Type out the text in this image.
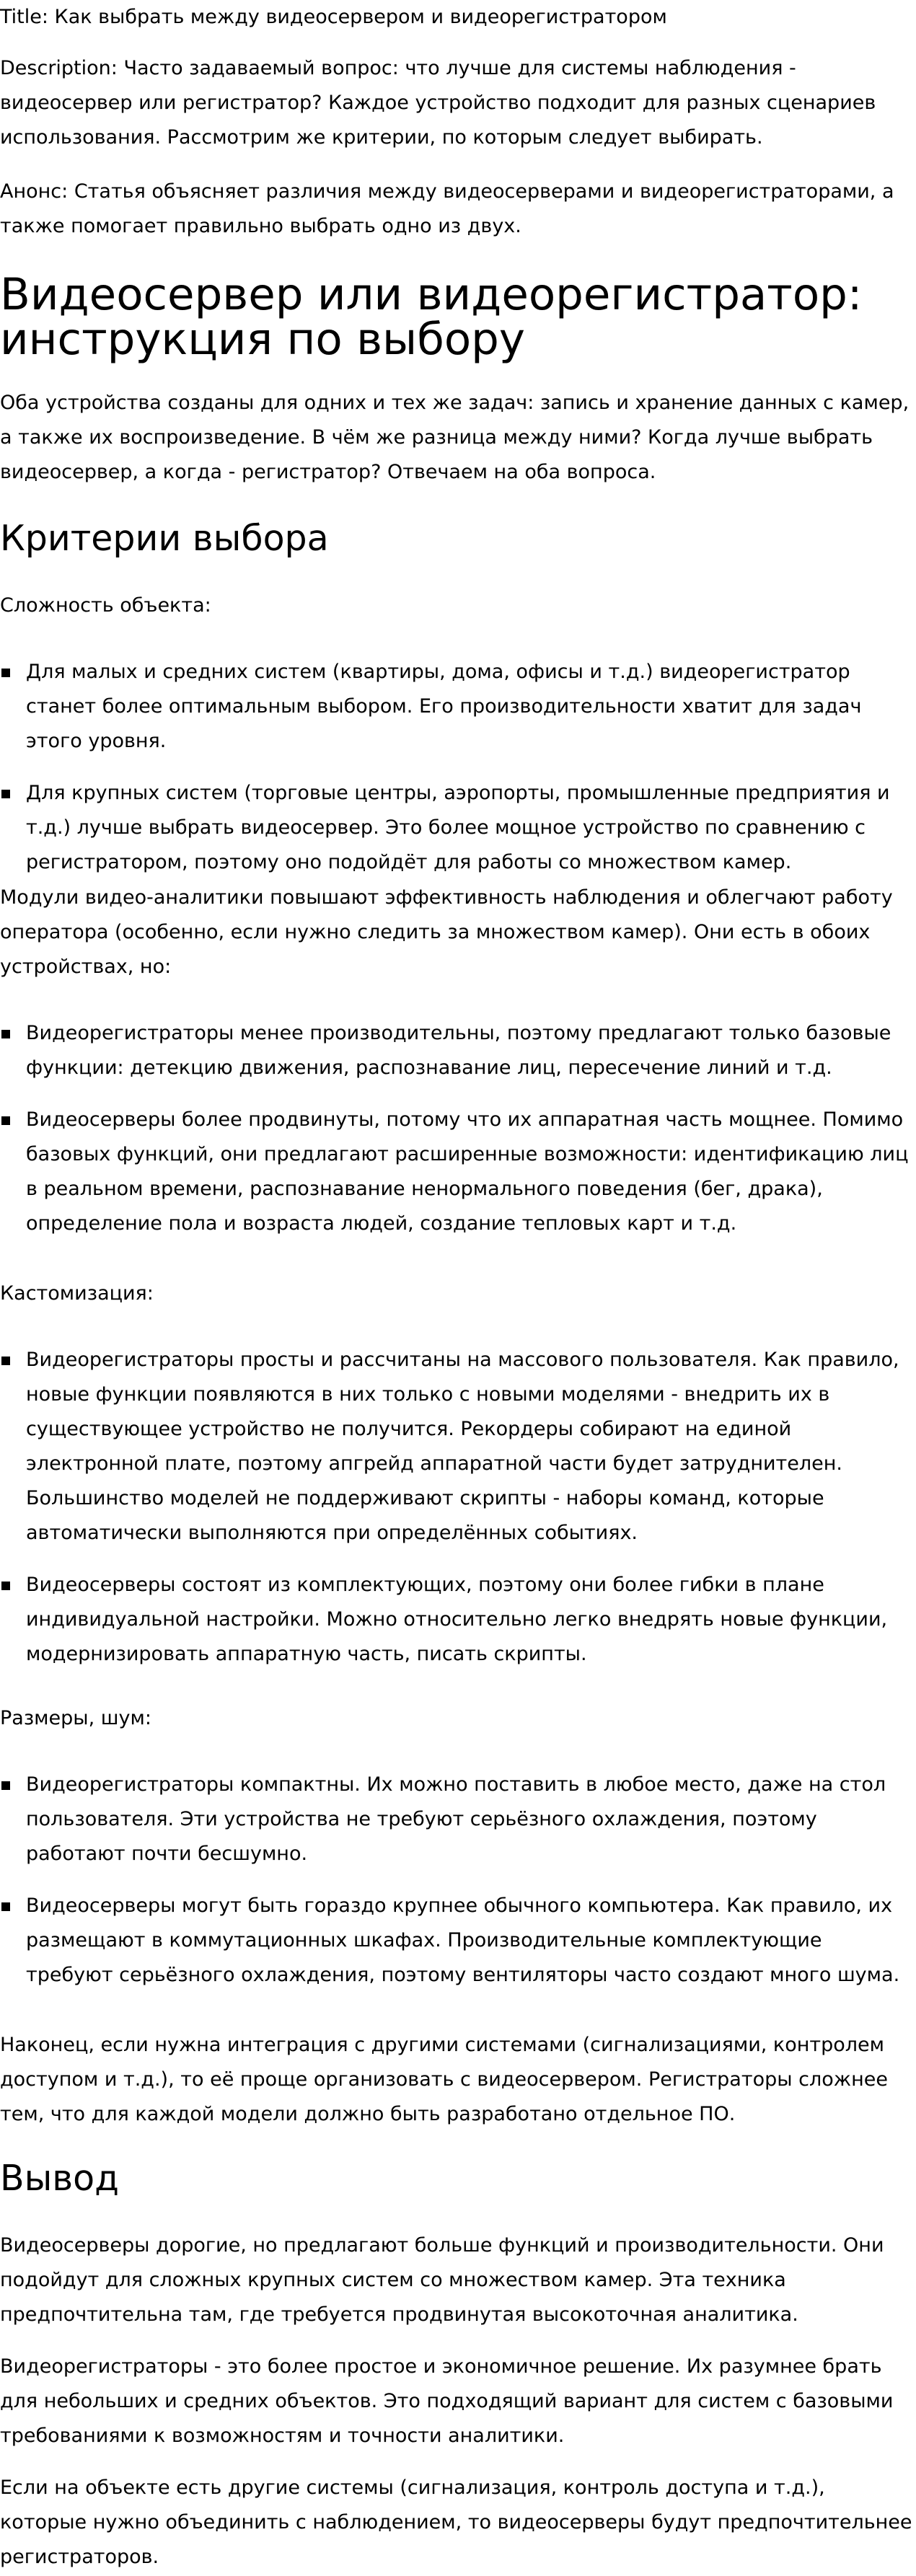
Title: Как выбрать между видеосервером и видеорегистратором

Description: Часто задаваемый вопрос: что лучше для системы наблюдения - видеосервер или регистратор? Каждое устройство подходит для разных сценариев использования. Рассмотрим же критерии, по которым следует выбирать.

Анонс: Статья объясняет различия между видеосерверами и видеорегистраторами, а также помогает правильно выбрать одно из двух.

Видеосервер или видеорегистратор: инструкция по выбору

Оба устройства созданы для одних и тех же задач: запись и хранение данных с камер, а также их воспроизведение. В чём же разница между ними? Когда лучше выбрать видеосервер, а когда - регистратор? Отвечаем на оба вопроса.

Критерии выбора

Сложность объекта:

Для малых и средних систем (квартиры, дома, офисы и т.д.) видеорегистратор станет более оптимальным выбором. Его производительности хватит для задач этого уровня.
Для крупных систем (торговые центры, аэропорты, промышленные предприятия и т.д.) лучше выбрать видеосервер. Это более мощное устройство по сравнению с регистратором, поэтому оно подойдёт для работы со множеством камер.

Модули видео-аналитики повышают эффективность наблюдения и облегчают работу оператора (особенно, если нужно следить за множеством камер). Они есть в обоих устройствах, но:

Видеорегистраторы менее производительны, поэтому предлагают только базовые функции: детекцию движения, распознавание лиц, пересечение линий и т.д.
Видеосерверы более продвинуты, потому что их аппаратная часть мощнее. Помимо базовых функций, они предлагают расширенные возможности: идентификацию лиц в реальном времени, распознавание ненормального поведения (бег, драка), определение пола и возраста людей, создание тепловых карт и т.д.

Кастомизация:

Видеорегистраторы просты и рассчитаны на массового пользователя. Как правило, новые функции появляются в них только с новыми моделями - внедрить их в существующее устройство не получится. Рекордеры собирают на единой электронной плате, поэтому апгрейд аппаратной части будет затруднителен. Большинство моделей не поддерживают скрипты - наборы команд, которые автоматически выполняются при определённых событиях.
Видеосерверы состоят из комплектующих, поэтому они более гибки в плане индивидуальной настройки. Можно относительно легко внедрять новые функции, модернизировать аппаратную часть, писать скрипты.

Размеры, шум:

Видеорегистраторы компактны. Их можно поставить в любое место, даже на стол пользователя. Эти устройства не требуют серьёзного охлаждения, поэтому работают почти бесшумно.
Видеосерверы могут быть гораздо крупнее обычного компьютера. Как правило, их размещают в коммутационных шкафах. Производительные комплектующие требуют серьёзного охлаждения, поэтому вентиляторы часто создают много шума.

Наконец, если нужна интеграция с другими системами (сигнализациями, контролем доступом и т.д.), то её проще организовать с видеосервером. Регистраторы сложнее тем, что для каждой модели должно быть разработано отдельное ПО.

Вывод

Видеосерверы дорогие, но предлагают больше функций и производительности. Они подойдут для сложных крупных систем со множеством камер. Эта техника предпочтительна там, где требуется продвинутая высокоточная аналитика.

Видеорегистраторы - это более простое и экономичное решение. Их разумнее брать для небольших и средних объектов. Это подходящий вариант для систем с базовыми требованиями к возможностям и точности аналитики.

Если на объекте есть другие системы (сигнализация, контроль доступа и т.д.), которые нужно объединить с наблюдением, то видеосерверы будут предпочтительнее регистраторов.
